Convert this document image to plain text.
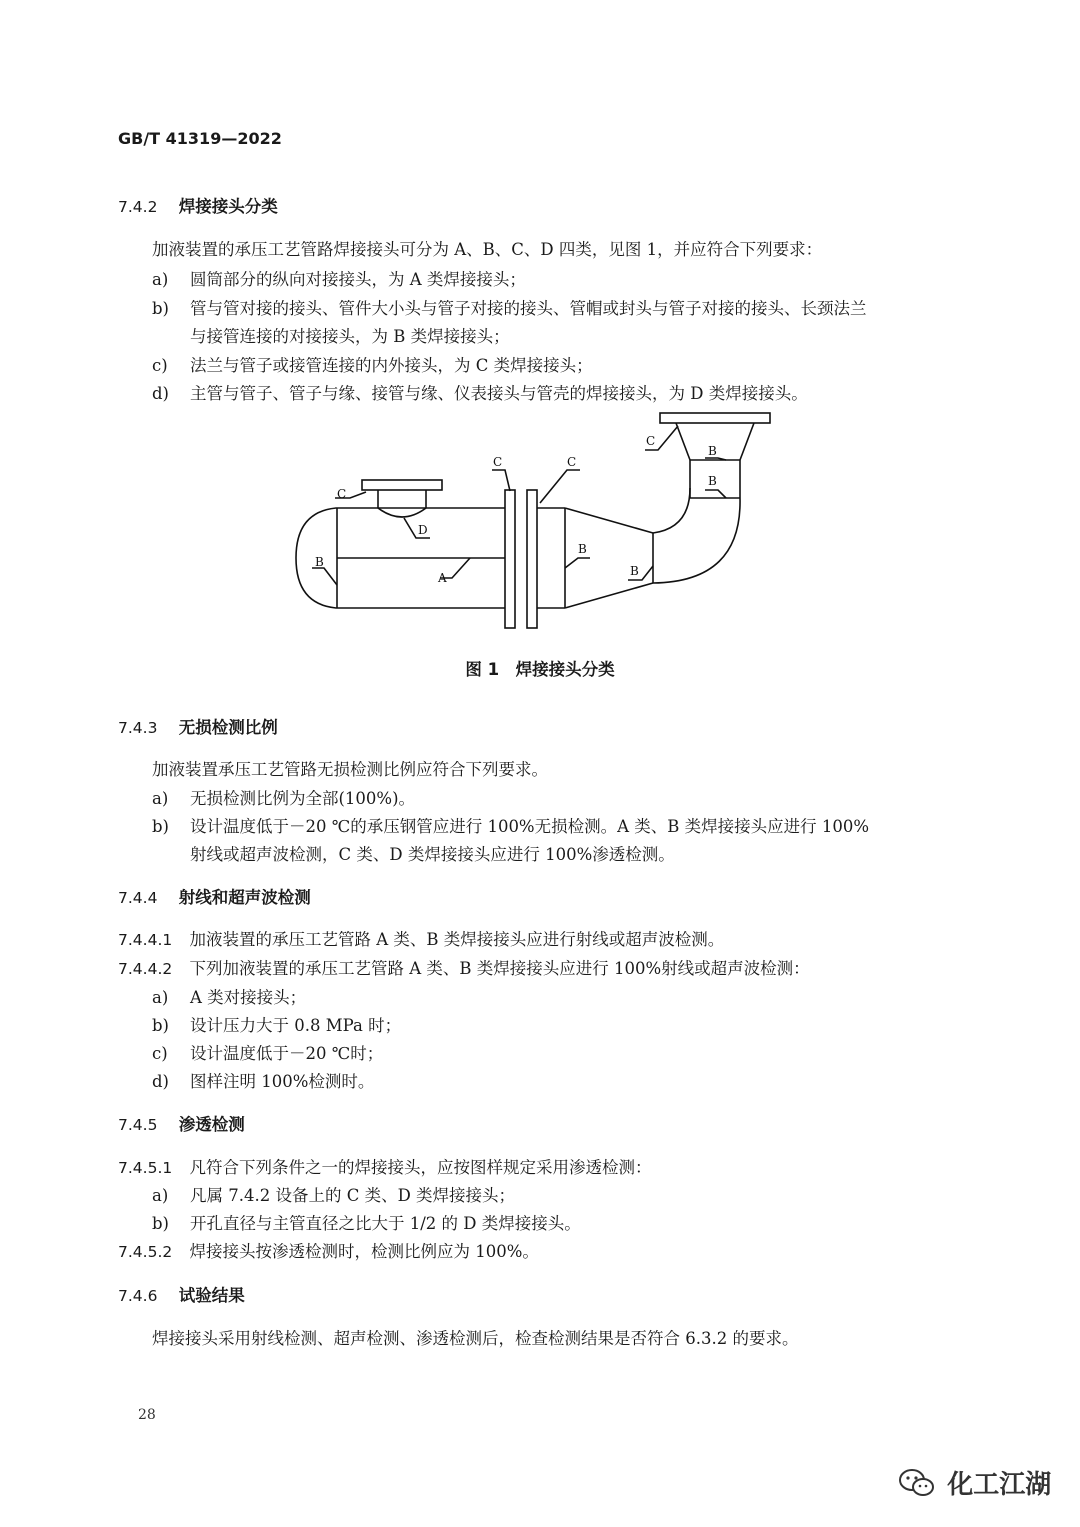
GB/T 41319—2022
7.4.2 焊接接头分类
加液装置的承压工艺管路焊接接头可分为 A、B、C、D 四类，见图 1，并应符合下列要求：
a) 圆筒部分的纵向对接接头，为 A 类焊接接头；
b) 管与管对接的接头、管件大小头与管子对接的接头、管帽或封头与管子对接的接头、长颈法兰
与接管连接的对接接头，为 B 类焊接接头；
c) 法兰与管子或接管连接的内外接头，为 C 类焊接接头；
d) 主管与管子、管子与缘、接管与缘、仪表接头与管壳的焊接接头，为 D 类焊接接头。
B
C
D
A
C	C
B
B
B
B
C
图 1　焊接接头分类
7.4.3 无损检测比例
加液装置承压工艺管路无损检测比例应符合下列要求。
a) 无损检测比例为全部(100%)。
b) 设计温度低于－20 ℃的承压钢管应进行 100%无损检测。A 类、B 类焊接接头应进行 100%
射线或超声波检测，C 类、D 类焊接接头应进行 100%渗透检测。
7.4.4 射线和超声波检测
7.4.4.1 加液装置的承压工艺管路 A 类、B 类焊接接头应进行射线或超声波检测。
7.4.4.2 下列加液装置的承压工艺管路 A 类、B 类焊接接头应进行 100%射线或超声波检测：
a) A 类对接接头；
b) 设计压力大于 0.8 MPa 时；
c) 设计温度低于－20 ℃时；
d) 图样注明 100%检测时。
7.4.5 渗透检测
7.4.5.1 凡符合下列条件之一的焊接接头，应按图样规定采用渗透检测：
a) 凡属 7.4.2 设备上的 C 类、D 类焊接接头；
b) 开孔直径与主管直径之比大于 1/2 的 D 类焊接接头。
7.4.5.2 焊接接头按渗透检测时，检测比例应为 100%。
7.4.6 试验结果
焊接接头采用射线检测、超声检测、渗透检测后，检查检测结果是否符合 6.3.2 的要求。
28
化工江湖
